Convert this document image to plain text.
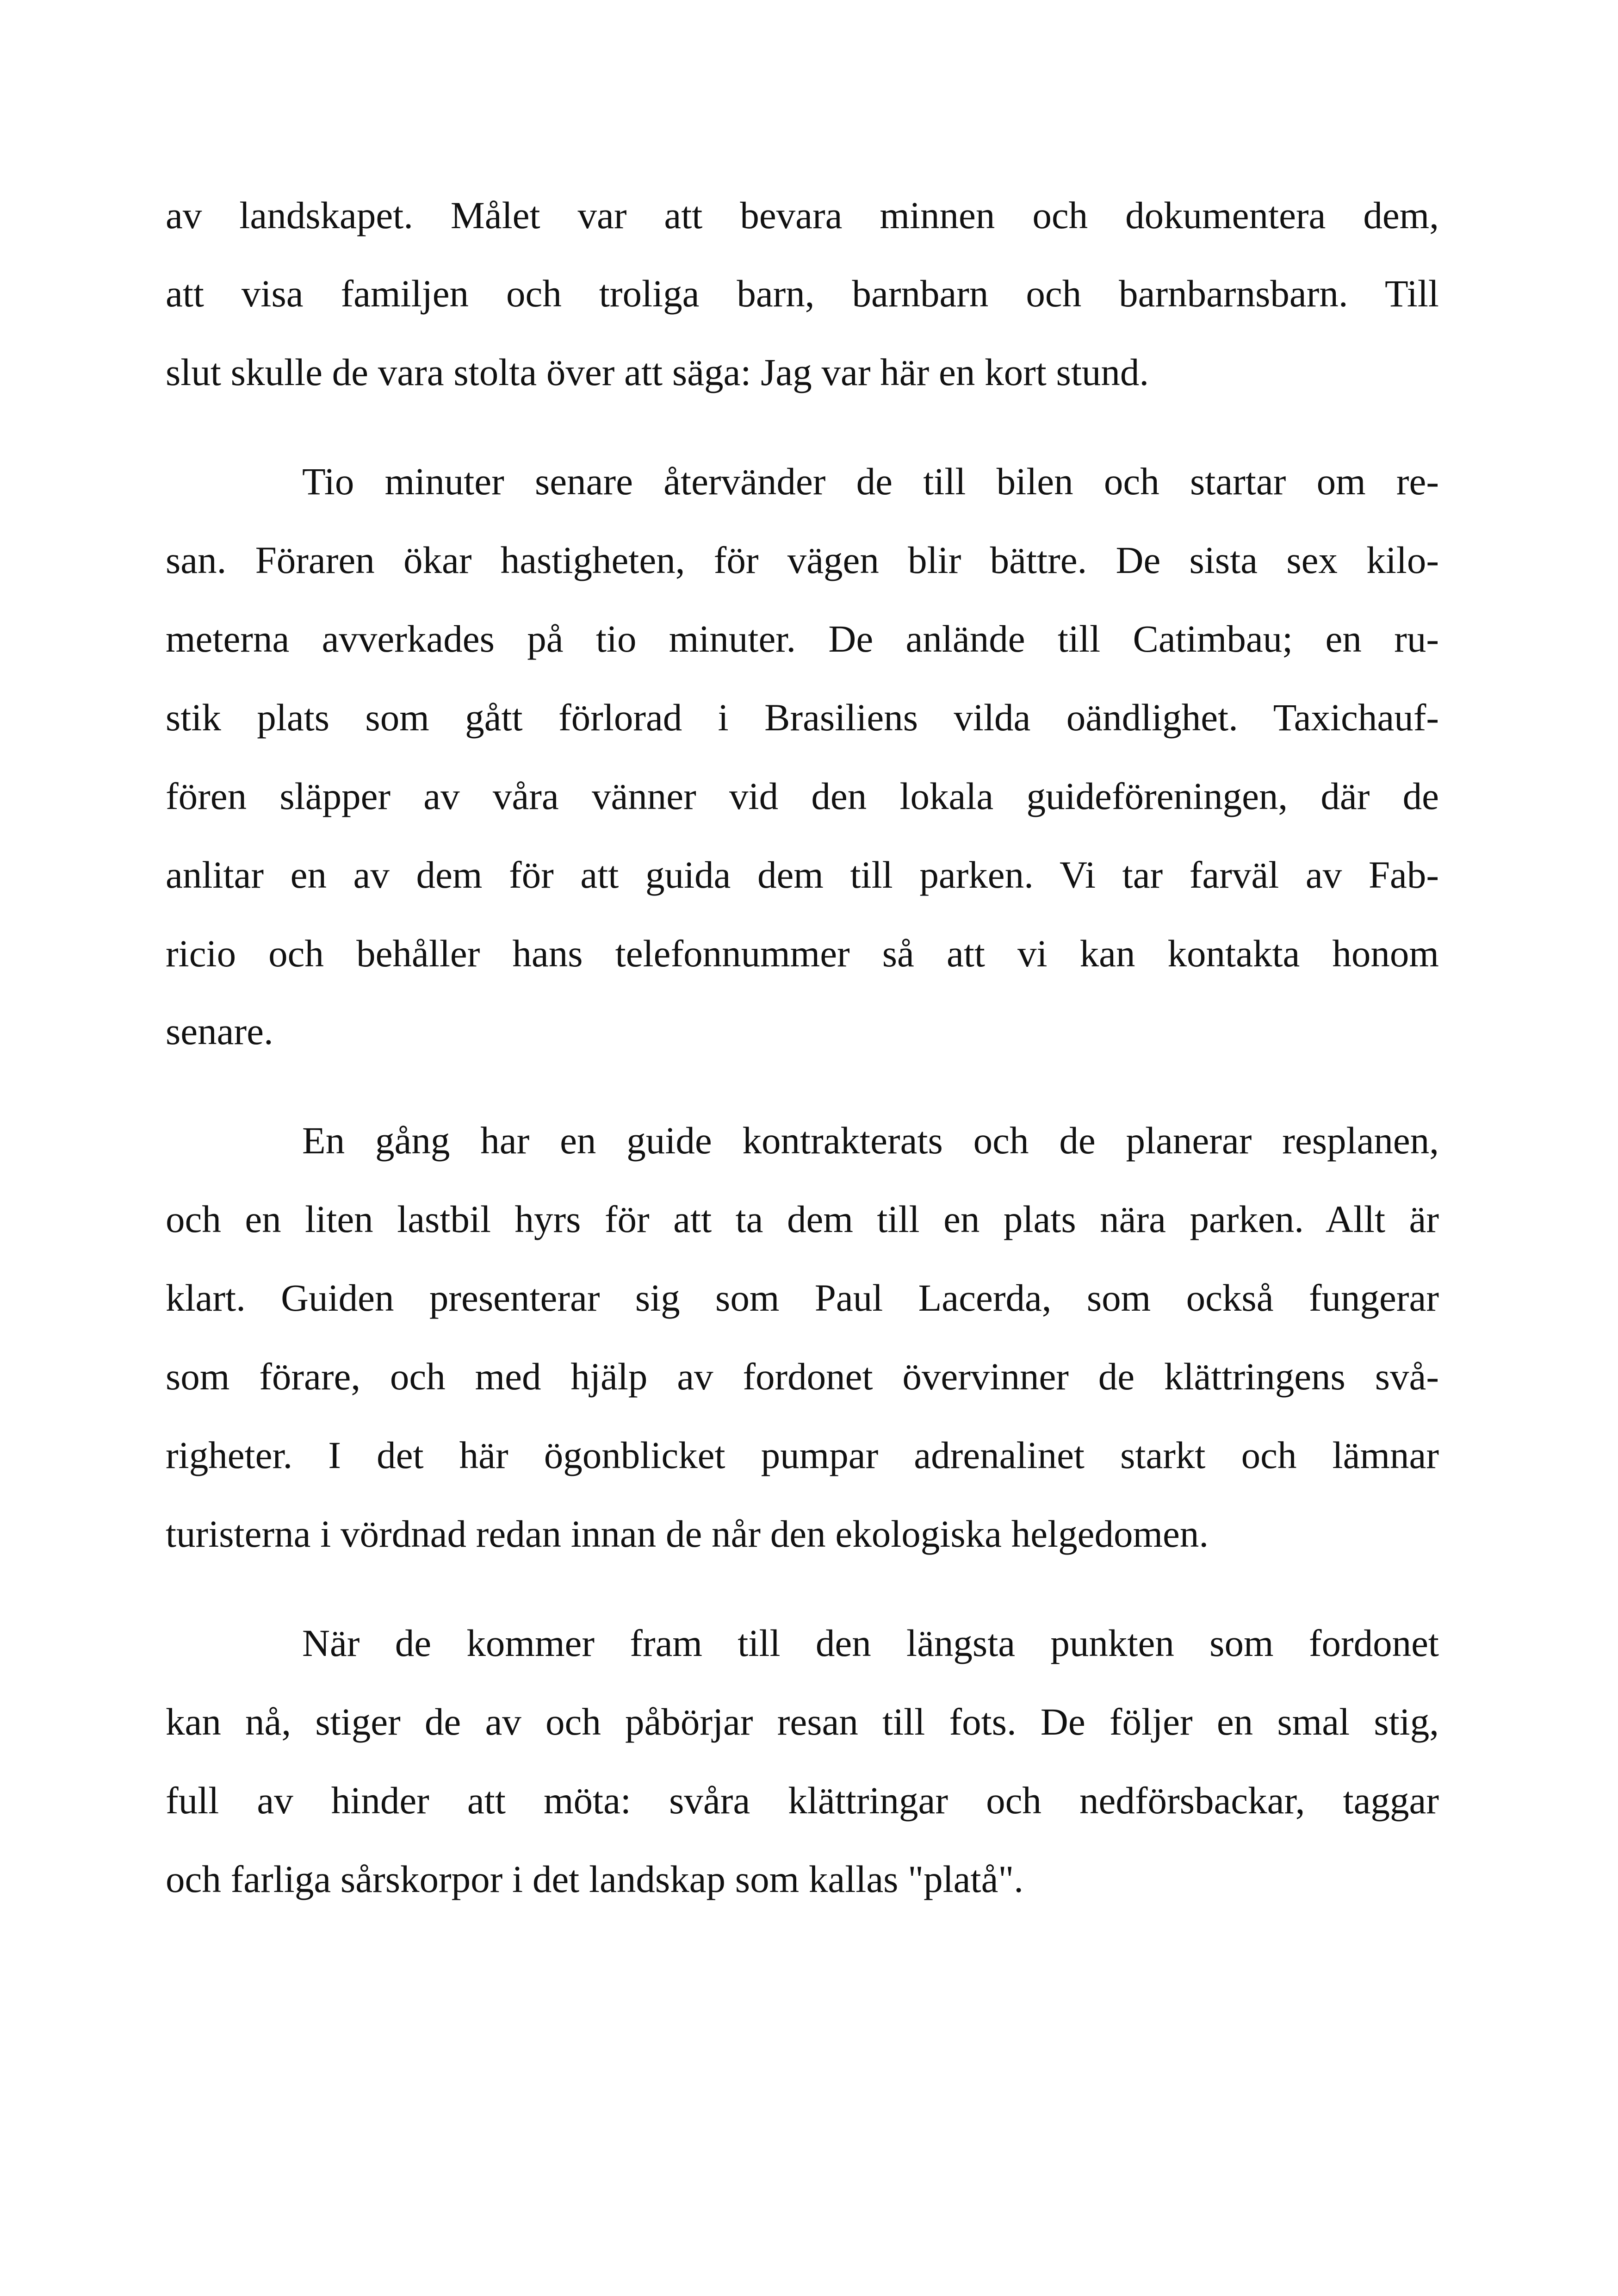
av landskapet. Målet var att bevara minnen och dokumentera dem,
att visa familjen och troliga barn, barnbarn och barnbarnsbarn. Till
slut skulle de vara stolta över att säga: Jag var här en kort stund.
Tio minuter senare återvänder de till bilen och startar om re-
san. Föraren ökar hastigheten, för vägen blir bättre. De sista sex kilo-
meterna avverkades på tio minuter. De anlände till Catimbau; en ru-
stik plats som gått förlorad i Brasiliens vilda oändlighet. Taxichauf-
fören släpper av våra vänner vid den lokala guideföreningen, där de
anlitar en av dem för att guida dem till parken. Vi tar farväl av Fab-
ricio och behåller hans telefonnummer så att vi kan kontakta honom
senare.
En gång har en guide kontrakterats och de planerar resplanen,
och en liten lastbil hyrs för att ta dem till en plats nära parken. Allt är
klart. Guiden presenterar sig som Paul Lacerda, som också fungerar
som förare, och med hjälp av fordonet övervinner de klättringens svå-
righeter. I det här ögonblicket pumpar adrenalinet starkt och lämnar
turisterna i vördnad redan innan de når den ekologiska helgedomen.
När de kommer fram till den längsta punkten som fordonet
kan nå, stiger de av och påbörjar resan till fots. De följer en smal stig,
full av hinder att möta: svåra klättringar och nedförsbackar, taggar
och farliga sårskorpor i det landskap som kallas "platå".
